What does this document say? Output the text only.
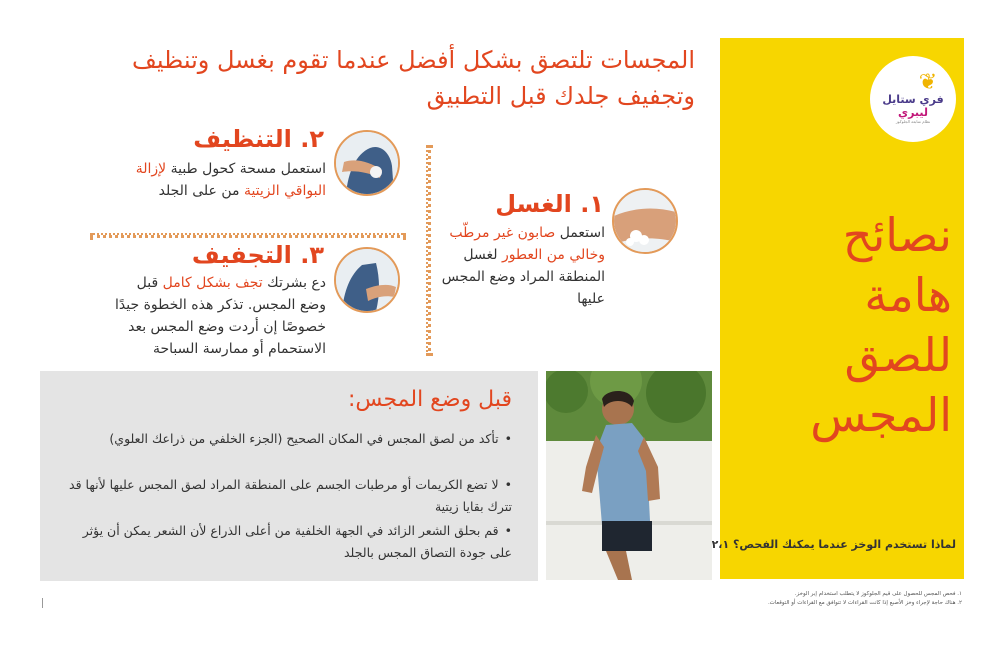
❦
فري ستايل
ليبري
نظام متابعة الجلوكوز
نصائح
هامة
للصق
المجس
لماذا تستخدم الوخز عندما يمكنك الفحص؟ ٢،١
١. فحص المجس للحصول على قيم الجلوكوز لا يتطلب استخدام إبر الوخز.
٢. هناك حاجة لإجراء وخز الأصبع إذا كانت القراءات لا تتوافق مع القراءات أو التوقعات.
المجسات تلتصق بشكل أفضل عندما تقوم بغسل وتنظيف
وتجفيف جلدك قبل التطبيق
٢. التنظيف
استعمل مسحة كحول طبية لإزالة البواقي الزيتية من على الجلد	١. الغسل
استعمل صابون غير مرطّب وخالي من العطور لغسل المنطقة المراد وضع المجس عليها
٣. التجفيف
دع بشرتك تجف بشكل كامل قبل وضع المجس. تذكر هذه الخطوة جيدًا خصوصًا إن أردت وضع المجس بعد الاستحمام أو ممارسة السباحة
قبل وضع المجس:
•تأكد من لصق المجس في المكان الصحيح (الجزء الخلفي من ذراعك العلوي)
•لا تضع الكريمات أو مرطبات الجسم على المنطقة المراد لصق المجس عليها لأنها قد تترك بقايا زيتية
•قم بحلق الشعر الزائد في الجهة الخلفية من أعلى الذراع لأن الشعر يمكن أن يؤثر على جودة التصاق المجس بالجلد
